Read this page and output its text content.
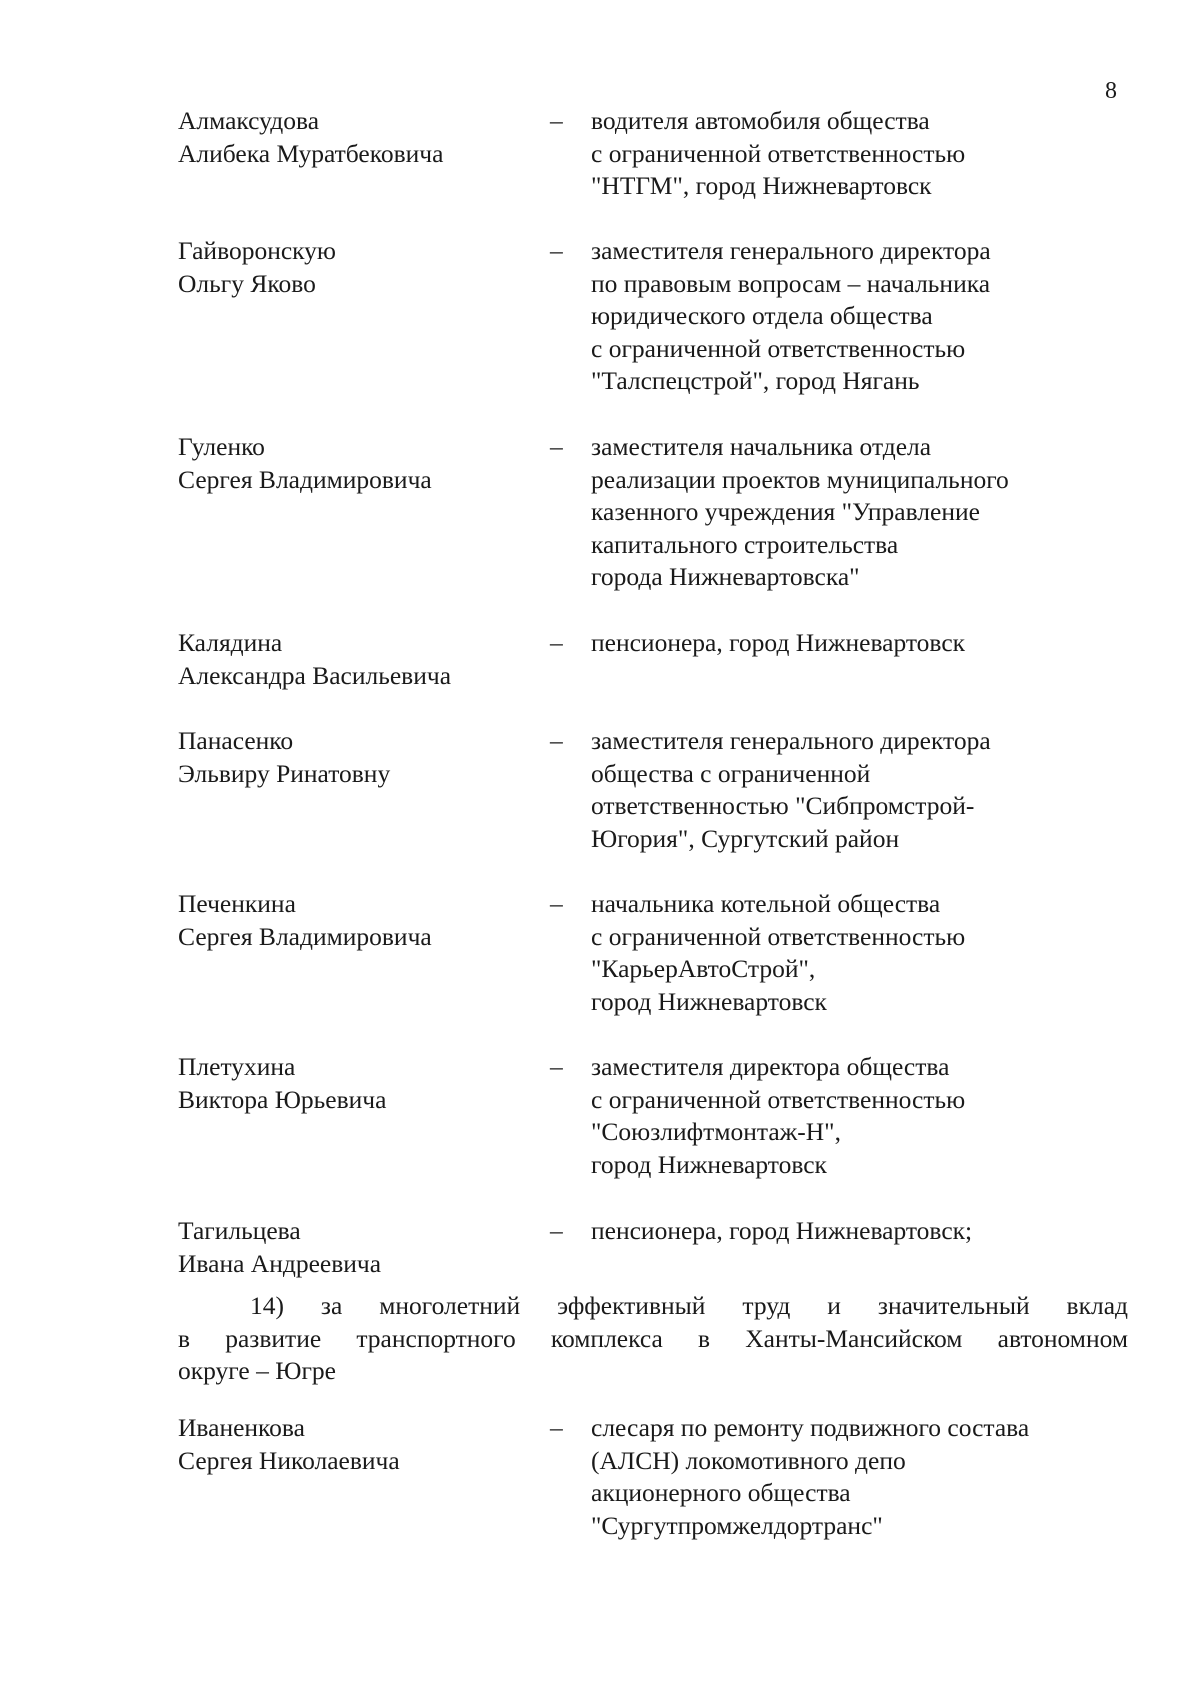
8
Алмаксудова
Алибека Муратбековича
– водителя автомобиля общества
с ограниченной ответственностью
"НТГМ", город Нижневартовск
Гайворонскую
Ольгу Яково
– заместителя генерального директора
по правовым вопросам – начальника
юридического отдела общества
с ограниченной ответственностью
"Талспецстрой", город Нягань
Гуленко
Сергея Владимировича
– заместителя начальника отдела
реализации проектов муниципального
казенного учреждения "Управление
капитального строительства
города Нижневартовска"
Калядина
Александра Васильевича
– пенсионера, город Нижневартовск
Панасенко
Эльвиру Ринатовну
– заместителя генерального директора
общества с ограниченной
ответственностью "Сибпромстрой-
Югория", Сургутский район
Печенкина
Сергея Владимировича
– начальника котельной общества
с ограниченной ответственностью
"КарьерАвтоСтрой",
город Нижневартовск
Плетухина
Виктора Юрьевича
– заместителя директора общества
с ограниченной ответственностью
"Союзлифтмонтаж-Н",
город Нижневартовск
Тагильцева
Ивана Андреевича
– пенсионера, город Нижневартовск;
14) за многолетний эффективный труд и значительный вклад
в развитие транспортного комплекса в Ханты-Мансийском автономном
округе – Югре
Иваненкова
Сергея Николаевича
– слесаря по ремонту подвижного состава
(АЛСН) локомотивного депо
акционерного общества
"Сургутпромжелдортранс"
